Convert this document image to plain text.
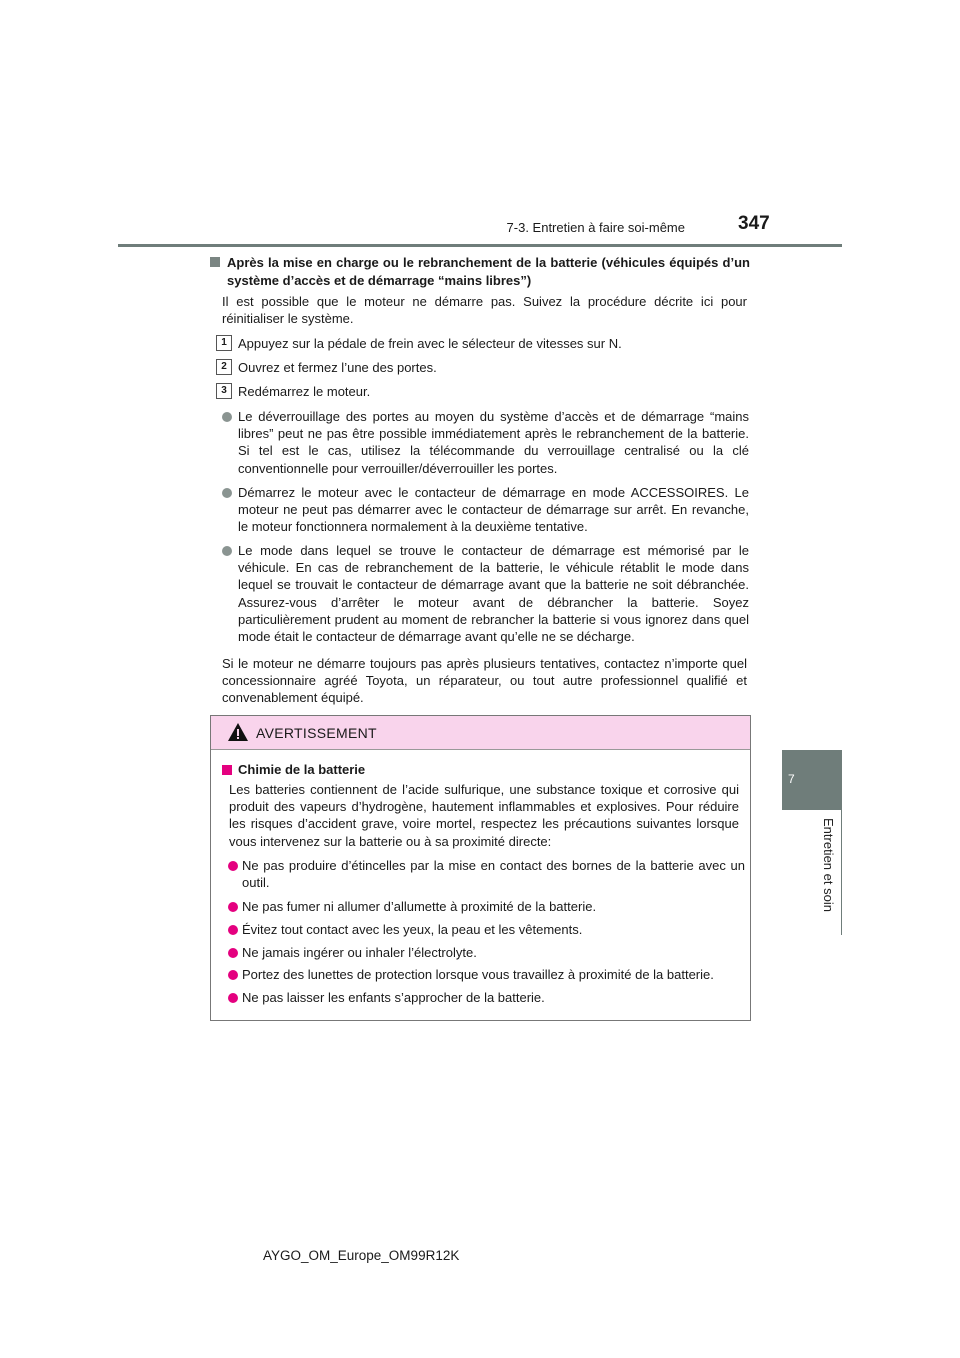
7-3. Entretien à faire soi-même	347
7
Entretien et soin
Après la mise en charge ou le rebranchement de la batterie (véhicules équipés d’un système d’accès et de démarrage “mains libres”)
Il est possible que le moteur ne démarre pas. Suivez la procédure décrite ici pour réinitialiser le système.
1 Appuyez sur la pédale de frein avec le sélecteur de vitesses sur N.
2 Ouvrez et fermez l’une des portes.
3 Redémarrez le moteur.
Le déverrouillage des portes au moyen du système d’accès et de démarrage “mains libres” peut ne pas être possible immédiatement après le rebranchement de la batterie. Si tel est le cas, utilisez la télécommande du verrouillage centralisé ou la clé conventionnelle pour verrouiller/déverrouiller les portes.
Démarrez le moteur avec le contacteur de démarrage en mode ACCESSOIRES. Le moteur ne peut pas démarrer avec le contacteur de démarrage sur arrêt. En revanche, le moteur fonctionnera normalement à la deuxième tentative.
Le mode dans lequel se trouve le contacteur de démarrage est mémorisé par le véhicule. En cas de rebranchement de la batterie, le véhicule rétablit le mode dans lequel se trouvait le contacteur de démarrage avant que la batterie ne soit débranchée. Assurez-vous d’arrêter le moteur avant de débrancher la batterie. Soyez particulièrement prudent au moment de rebrancher la batterie si vous ignorez dans quel mode était le contacteur de démarrage avant qu’elle ne se décharge.
Si le moteur ne démarre toujours pas après plusieurs tentatives, contactez n’importe quel concessionnaire agréé Toyota, un réparateur, ou tout autre professionnel qualifié et convenablement équipé.
AVERTISSEMENT
Chimie de la batterie
Les batteries contiennent de l’acide sulfurique, une substance toxique et corrosive qui produit des vapeurs d’hydrogène, hautement inflammables et explosives. Pour réduire les risques d’accident grave, voire mortel, respectez les précautions suivantes lorsque vous intervenez sur la batterie ou à sa proximité directe:
Ne pas produire d’étincelles par la mise en contact des bornes de la batterie avec un outil.
Ne pas fumer ni allumer d’allumette à proximité de la batterie.
Évitez tout contact avec les yeux, la peau et les vêtements.
Ne jamais ingérer ou inhaler l’électrolyte.
Portez des lunettes de protection lorsque vous travaillez à proximité de la batterie.
Ne pas laisser les enfants s’approcher de la batterie.
AYGO_OM_Europe_OM99R12K
